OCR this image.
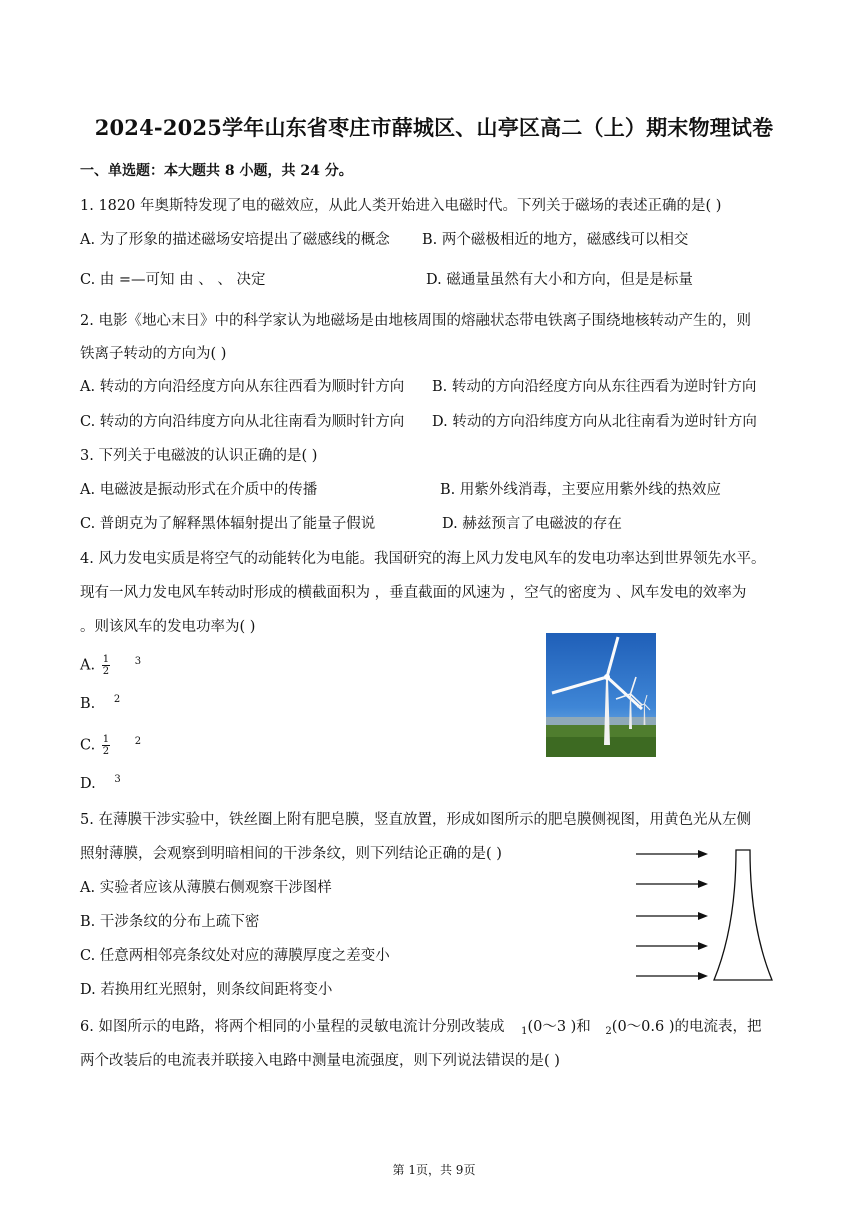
2024-2025学年山东省枣庄市薛城区、山亭区高二（上）期末物理试卷
一、单选题：本大题共 8 小题，共 24 分。
1. 1820 年奥斯特发现了电的磁效应，从此人类开始进入电磁时代。下列关于磁场的表述正确的是( )
A. 为了形象的描述磁场安培提出了磁感线的概念 B. 两个磁极相近的地方，磁感线可以相交
C. 由 =—可知 由 、 、 决定	D. 磁通量虽然有大小和方向，但是是标量
2. 电影《地心末日》中的科学家认为地磁场是由地核周围的熔融状态带电铁离子围绕地核转动产生的，则
铁离子转动的方向为( )
A. 转动的方向沿经度方向从东往西看为顺时针方向 B. 转动的方向沿经度方向从东往西看为逆时针方向
C. 转动的方向沿纬度方向从北往南看为顺时针方向 D. 转动的方向沿纬度方向从北往南看为逆时针方向
3. 下列关于电磁波的认识正确的是( )
A. 电磁波是振动形式在介质中的传播	B. 用紫外线消毒，主要应用紫外线的热效应
C. 普朗克为了解释黑体辐射提出了能量子假说	D. 赫兹预言了电磁波的存在
4. 风力发电实质是将空气的动能转化为电能。我国研究的海上风力发电风车的发电功率达到世界领先水平。
现有一风力发电风车转动时形成的横截面积为 ，垂直截面的风速为 ，空气的密度为 、风车发电的效率为
。则该风车的发电功率为( )
A. $\frac{1}{2} ^3$
B. $^2$
C. $\frac{1}{2} ^2$
D. $^3$
5. 在薄膜干涉实验中，铁丝圈上附有肥皂膜，竖直放置，形成如图所示的肥皂膜侧视图，用黄色光从左侧
照射薄膜，会观察到明暗相间的干涉条纹，则下列结论正确的是( )
A. 实验者应该从薄膜右侧观察干涉图样
B. 干涉条纹的分布上疏下密
C. 任意两相邻亮条纹处对应的薄膜厚度之差变小
D. 若换用红光照射，则条纹间距将变小
6. 如图所示的电路，将两个相同的小量程的灵敏电流计分别改装成 $_1$(0～3 )和 $_2$(0～0.6 )的电流表，把
两个改装后的电流表并联接入电路中测量电流强度，则下列说法错误的是( )
第 1页，共 9页
